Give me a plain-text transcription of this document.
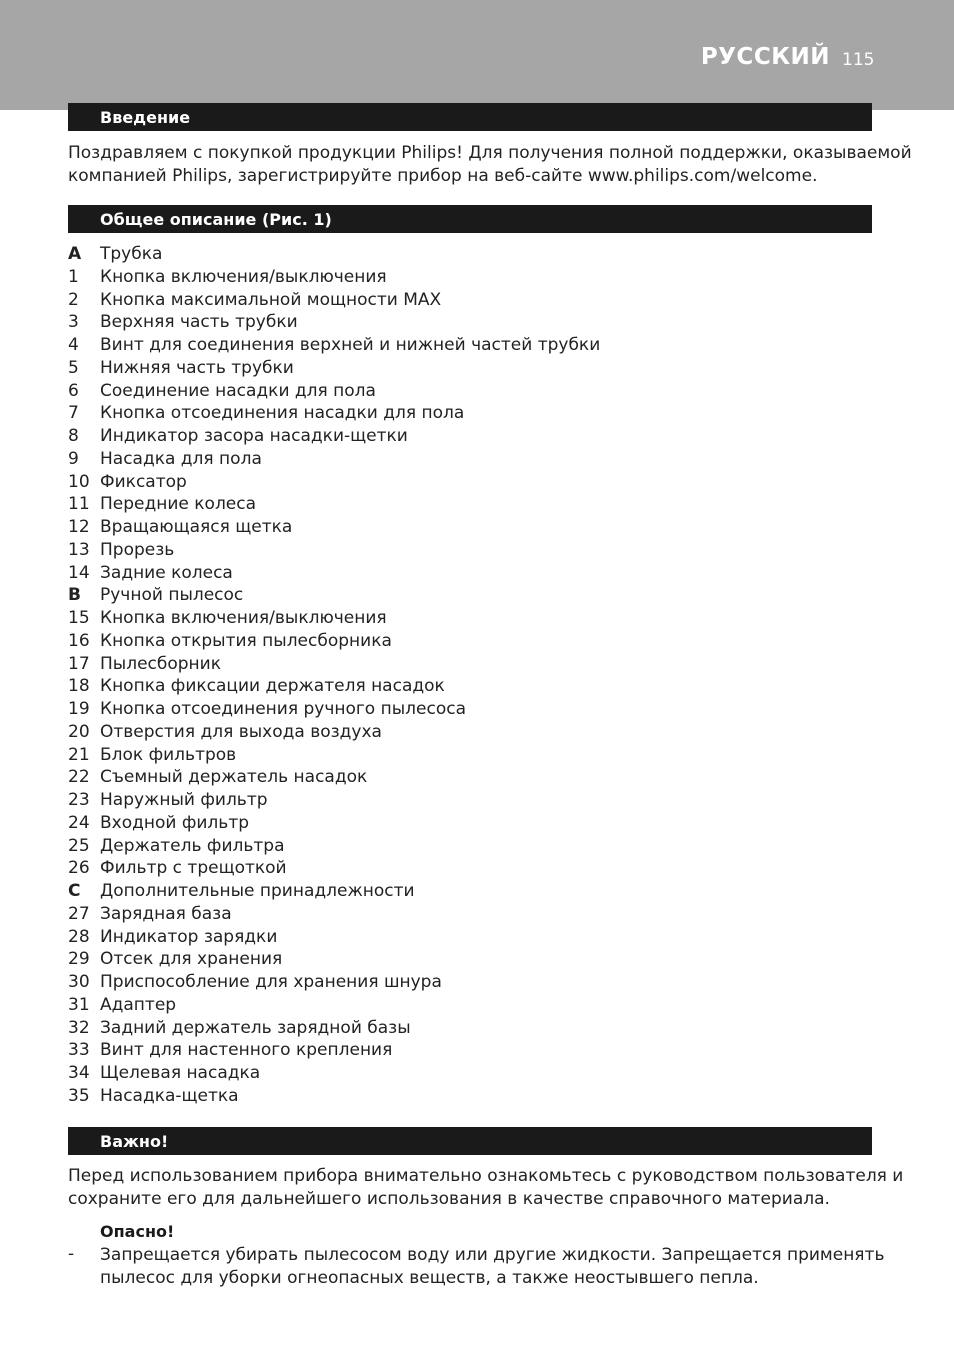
РУССКИЙ 115
Введение
Поздравляем с покупкой продукции Philips! Для получения полной поддержки, оказываемой
компанией Philips, зарегистрируйте прибор на веб-сайте www.philips.com/welcome.
Общее описание (Рис. 1)
A	Трубка
1	Кнопка включения/выключения
2	Кнопка максимальной мощности MAX
3	Верхняя часть трубки
4	Винт для соединения верхней и нижней частей трубки
5	Нижняя часть трубки
6	Соединение насадки для пола
7	Кнопка отсоединения насадки для пола
8	Индикатор засора насадки-щетки
9	Насадка для пола
10 Фиксатор
11 Передние колеса
12 Вращающаяся щетка
13 Прорезь
14 Задние колеса
B	Ручной пылесос
15 Кнопка включения/выключения
16 Кнопка открытия пылесборника
17 Пылесборник
18 Кнопка фиксации держателя насадок
19 Кнопка отсоединения ручного пылесоса
20 Отверстия для выхода воздуха
21 Блок фильтров
22 Съемный держатель насадок
23 Наружный фильтр
24 Входной фильтр
25 Держатель фильтра
26 Фильтр с трещоткой
C	Дополнительные принадлежности
27 Зарядная база
28 Индикатор зарядки
29 Отсек для хранения
30 Приспособление для хранения шнура
31 Адаптер
32 Задний держатель зарядной базы
33 Винт для настенного крепления
34 Щелевая насадка
35 Насадка-щетка
Важно!
Перед использованием прибора внимательно ознакомьтесь с руководством пользователя и
сохраните его для дальнейшего использования в качестве справочного материала.
Опасно!
- Запрещается убирать пылесосом воду или другие жидкости. Запрещается применять
пылесос для уборки огнеопасных веществ, а также неостывшего пепла.
